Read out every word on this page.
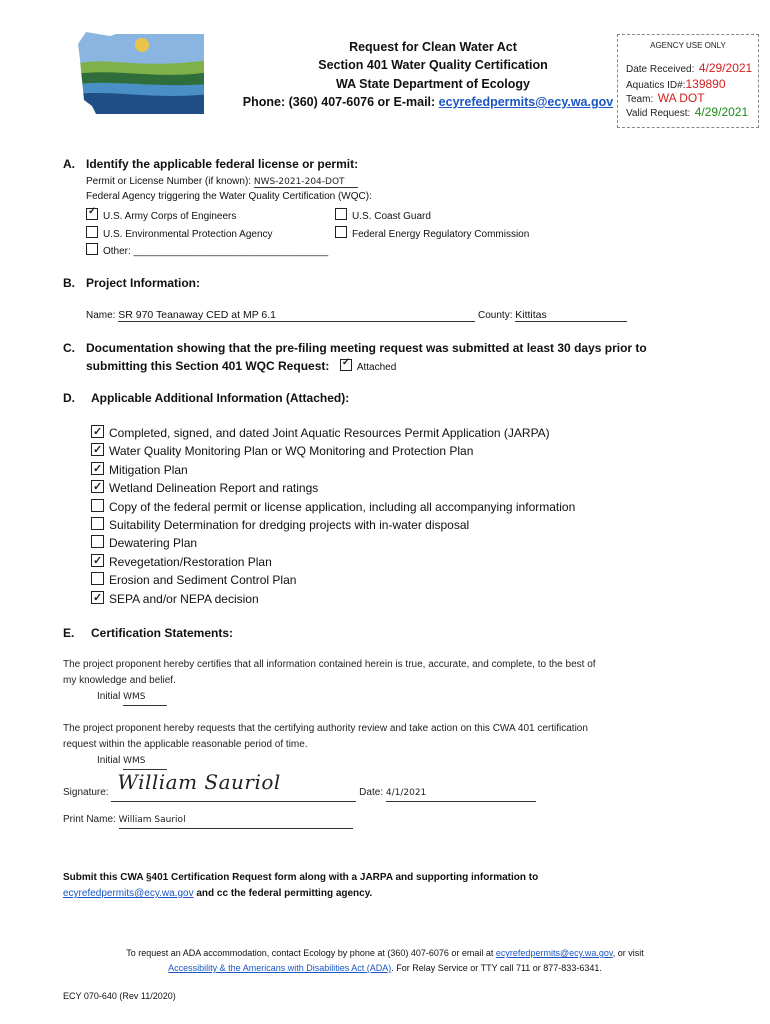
Request for Clean Water Act
Section 401 Water Quality Certification
WA State Department of Ecology
Phone: (360) 407-6076 or E-mail: ecyrefedpermits@ecy.wa.gov
AGENCY USE ONLY
Date Received: 4/29/2021
Aquatics ID#:139890
Team: WA DOT
Valid Request: 4/29/2021
A. Identify the applicable federal license or permit:
Permit or License Number (if known): NWS-2021-204-DOT
Federal Agency triggering the Water Quality Certification (WQC):
✓U.S. Army Corps of Engineers	U.S. Coast Guard
U.S. Environmental Protection Agency	Federal Energy Regulatory Commission
Other: ___________________________________
B. Project Information:
Name: SR 970 Teanaway CED at MP 6.1	County: Kittitas
C. Documentation showing that the pre-filing meeting request was submitted at least 30 days prior to
submitting this Section 401 WQC Request: ✓	Attached
D. Applicable Additional Information (Attached):
✓Completed, signed, and dated Joint Aquatic Resources Permit Application (JARPA)
✓Water Quality Monitoring Plan or WQ Monitoring and Protection Plan
✓Mitigation Plan
✓Wetland Delineation Report and ratings
Copy of the federal permit or license application, including all accompanying information
Suitability Determination for dredging projects with in-water disposal
Dewatering Plan
✓Revegetation/Restoration Plan
Erosion and Sediment Control Plan
✓SEPA and/or NEPA decision
E. Certification Statements:
The project proponent hereby certifies that all information contained herein is true, accurate, and complete, to the best of
my knowledge and belief.
Initial WMS
The project proponent hereby requests that the certifying authority review and take action on this CWA 401 certification
request within the applicable reasonable period of time.
Initial WMS
Signature: William Sauriol	Date: 4/1/2021
Print Name: William Sauriol
Submit this CWA §401 Certification Request form along with a JARPA and supporting information to
ecyrefedpermits@ecy.wa.gov and cc the federal permitting agency.
To request an ADA accommodation, contact Ecology by phone at (360) 407-6076 or email at ecyrefedpermits@ecy.wa.gov, or visit
Accessibility & the Americans with Disabilities Act (ADA). For Relay Service or TTY call 711 or 877-833-6341.
ECY 070-640 (Rev 11/2020)
